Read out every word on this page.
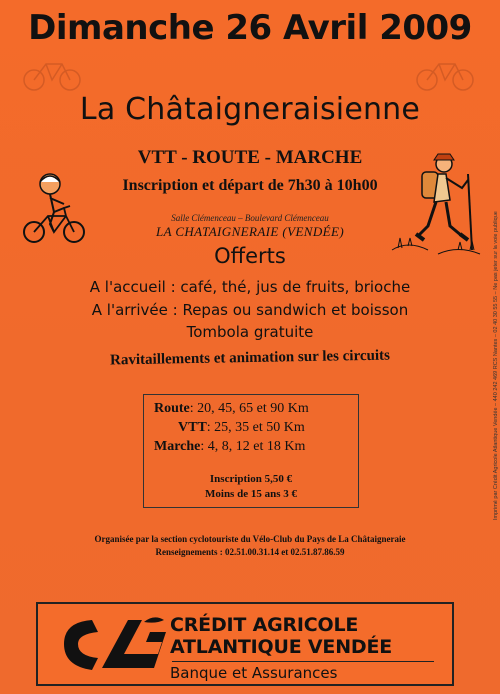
Dimanche 26 Avril 2009
La Châtaigneraisienne
VTT - ROUTE - MARCHE
Inscription et départ de 7h30 à 10h00
Salle Clémenceau – Boulevard Clémenceau
LA CHATAIGNERAIE (VENDÉE)
Offerts
A l'accueil : café, thé, jus de fruits, brioche
A l'arrivée : Repas ou sandwich et boisson
Tombola gratuite
Ravitaillements et animation sur les circuits
Route: 20, 45, 65 et 90 Km
VTT: 25, 35 et 50 Km
Marche: 4, 8, 12 et 18 Km
Inscription 5,50 €
Moins de 15 ans 3 €
Organisée par la section cyclotouriste du Vélo-Club du Pays de La Châtaigneraie
Renseignements : 02.51.00.31.14 et 02.51.87.86.59
CRÉDIT AGRICOLE
ATLANTIQUE VENDÉE
Banque et Assurances
Imprimé par Crédit Agricole Atlantique Vendée – 440 242 469 RCS Nantes – 02 40 30 55 55 – Ne pas jeter sur la voie publique
